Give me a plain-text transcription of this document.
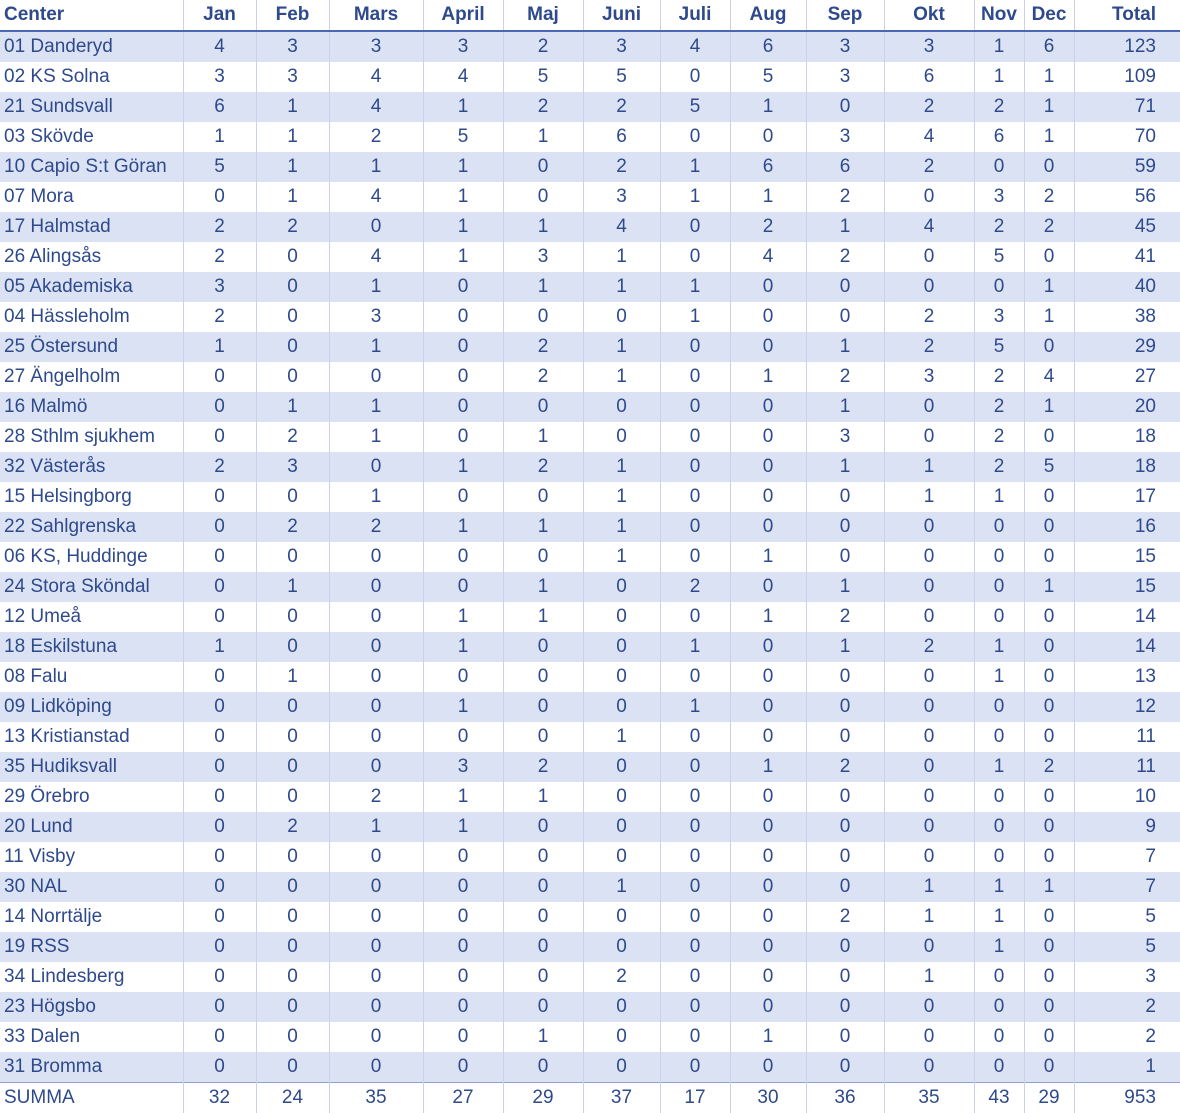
Center	Jan	Feb	Mars	April	Maj	Juni	Juli	Aug	Sep	Okt	Nov	Dec	Total
01 Danderyd	4	3	3	3	2	3	4	6	3	3	1	6	123
02 KS Solna	3	3	4	4	5	5	0	5	3	6	1	1	109
21 Sundsvall	6	1	4	1	2	2	5	1	0	2	2	1	71
03 Skövde	1	1	2	5	1	6	0	0	3	4	6	1	70
10 Capio S:t Göran	5	1	1	1	0	2	1	6	6	2	0	0	59
07 Mora	0	1	4	1	0	3	1	1	2	0	3	2	56
17 Halmstad	2	2	0	1	1	4	0	2	1	4	2	2	45
26 Alingsås	2	0	4	1	3	1	0	4	2	0	5	0	41
05 Akademiska	3	0	1	0	1	1	1	0	0	0	0	1	40
04 Hässleholm	2	0	3	0	0	0	1	0	0	2	3	1	38
25 Östersund	1	0	1	0	2	1	0	0	1	2	5	0	29
27 Ängelholm	0	0	0	0	2	1	0	1	2	3	2	4	27
16 Malmö	0	1	1	0	0	0	0	0	1	0	2	1	20
28 Sthlm sjukhem	0	2	1	0	1	0	0	0	3	0	2	0	18
32 Västerås	2	3	0	1	2	1	0	0	1	1	2	5	18
15 Helsingborg	0	0	1	0	0	1	0	0	0	1	1	0	17
22 Sahlgrenska	0	2	2	1	1	1	0	0	0	0	0	0	16
06 KS, Huddinge	0	0	0	0	0	1	0	1	0	0	0	0	15
24 Stora Sköndal	0	1	0	0	1	0	2	0	1	0	0	1	15
12 Umeå	0	0	0	1	1	0	0	1	2	0	0	0	14
18 Eskilstuna	1	0	0	1	0	0	1	0	1	2	1	0	14
08 Falu	0	1	0	0	0	0	0	0	0	0	1	0	13
09 Lidköping	0	0	0	1	0	0	1	0	0	0	0	0	12
13 Kristianstad	0	0	0	0	0	1	0	0	0	0	0	0	11
35 Hudiksvall	0	0	0	3	2	0	0	1	2	0	1	2	11
29 Örebro	0	0	2	1	1	0	0	0	0	0	0	0	10
20 Lund	0	2	1	1	0	0	0	0	0	0	0	0	9
11 Visby	0	0	0	0	0	0	0	0	0	0	0	0	7
30 NAL	0	0	0	0	0	1	0	0	0	1	1	1	7
14 Norrtälje	0	0	0	0	0	0	0	0	2	1	1	0	5
19 RSS	0	0	0	0	0	0	0	0	0	0	1	0	5
34 Lindesberg	0	0	0	0	0	2	0	0	0	1	0	0	3
23 Högsbo	0	0	0	0	0	0	0	0	0	0	0	0	2
33 Dalen	0	0	0	0	1	0	0	1	0	0	0	0	2
31 Bromma	0	0	0	0	0	0	0	0	0	0	0	0	1
SUMMA	32	24	35	27	29	37	17	30	36	35	43	29	953
